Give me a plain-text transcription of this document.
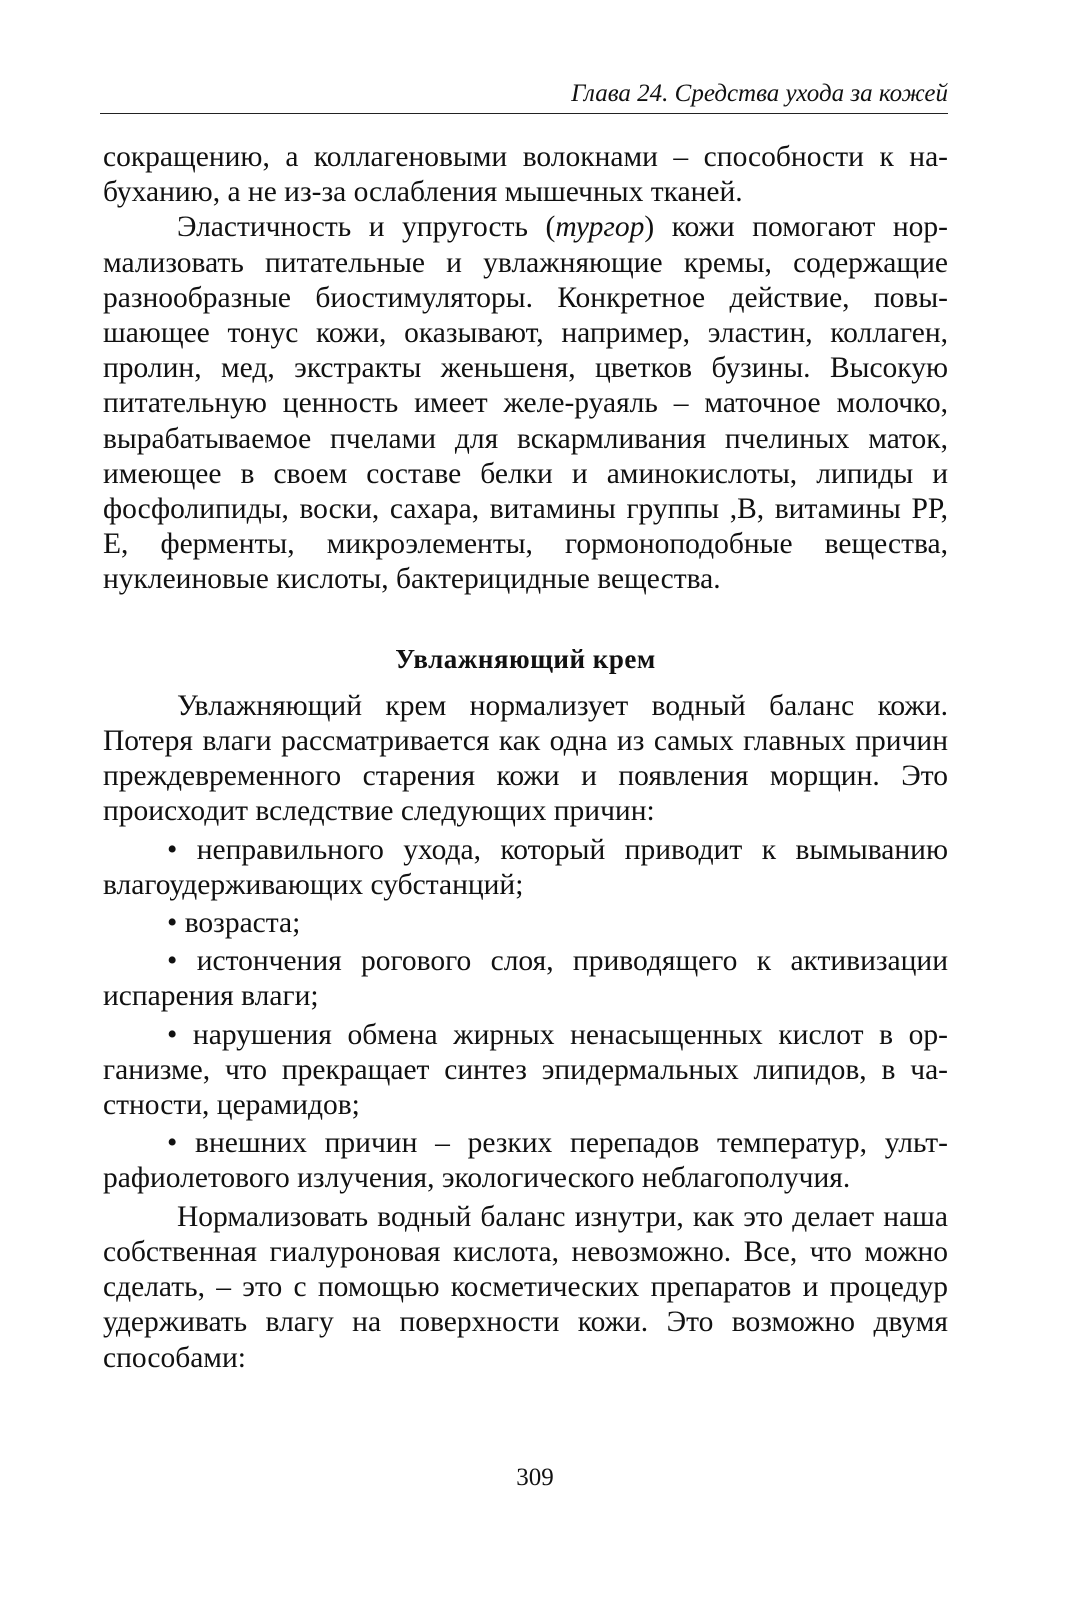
Глава 24. Средства ухода за кожей

сокращению, а коллагеновыми волокнами – способности к набуханию, а не из-за ослабления мышечных тканей.

Эластичность и упругость (тургор) кожи помогают нормализовать питательные и увлажняющие кремы, содержащие разнообразные биостимуляторы. Конкретное действие, повышающее тонус кожи, оказывают, например, эластин, коллаген, пролин, мед, экстракты женьшеня, цветков бузины. Высокую питательную ценность имеет желе-руаяль – маточное молочко, вырабатываемое пчелами для вскармливания пчелиных маток, имеющее в своем составе белки и аминокислоты, липиды и фосфолипиды, воски, сахара, витамины группы ,В, витамины РР, Е, ферменты, микроэлементы, гормоноподобные вещества, нуклеиновые кислоты, бактерицидные вещества.

Увлажняющий крем

Увлажняющий крем нормализует водный баланс кожи. Потеря влаги рассматривается как одна из самых главных причин преждевременного старения кожи и появления морщин. Это происходит вследствие следующих причин:

• неправильного ухода, который приводит к вымыванию влагоудерживающих субстанций;

• возраста;

• истончения рогового слоя, приводящего к активизации испарения влаги;

• нарушения обмена жирных ненасыщенных кислот в организме, что прекращает синтез эпидермальных липидов, в частности, церамидов;

• внешних причин – резких перепадов температур, ультрафиолетового излучения, экологического неблагополучия.

Нормализовать водный баланс изнутри, как это делает наша собственная гиалуроновая кислота, невозможно. Все, что можно сделать, – это с помощью косметических препаратов и процедур удерживать влагу на поверхности кожи. Это возможно двумя способами:

309
